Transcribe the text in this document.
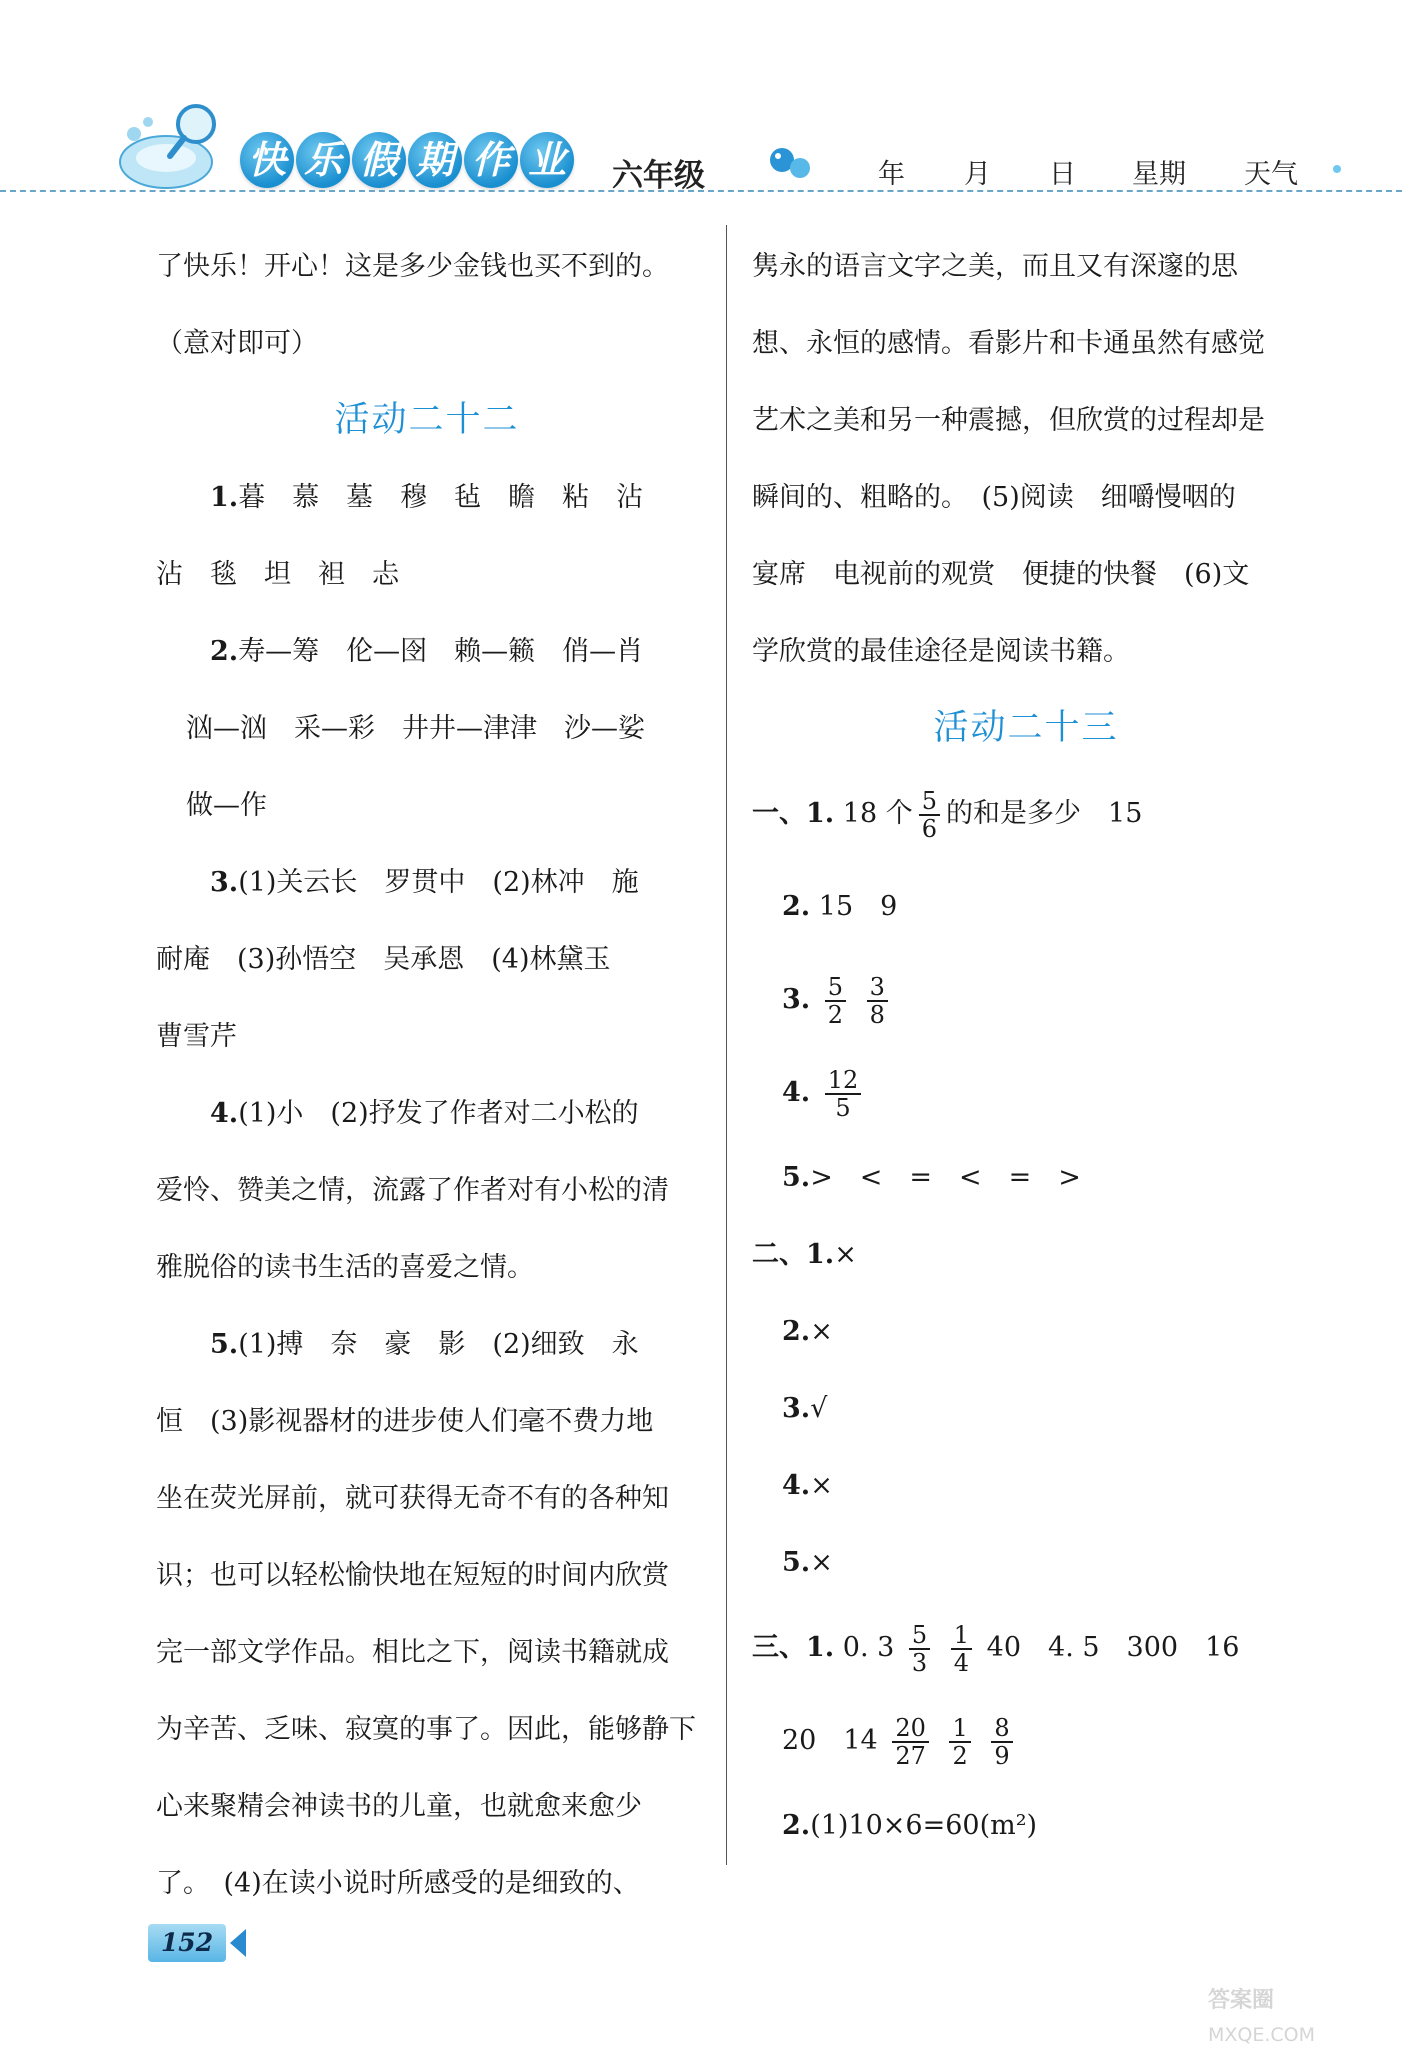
快 乐 假 期 作 业 六年级	年 月 日 星期 天气
了快乐！开心！这是多少金钱也买不到的。
（意对即可）
活动二十二
1.暮　慕　墓　穆　毡　瞻　粘　沾
沾　毯　坦　袒　忐
2.寿—筹　伦—囹　赖—籁　俏—肖
汹—汹　采—彩　井井—津津　沙—娑
做—作
3.(1)关云长　罗贯中　(2)林冲　施
耐庵　(3)孙悟空　吴承恩　(4)林黛玉
曹雪芹
4.(1)小　(2)抒发了作者对二小松的
爱怜、赞美之情，流露了作者对有小松的清
雅脱俗的读书生活的喜爱之情。
5.(1)搏　奈　豪　影　(2)细致　永
恒　(3)影视器材的进步使人们毫不费力地
坐在荧光屏前，就可获得无奇不有的各种知
识；也可以轻松愉快地在短短的时间内欣赏
完一部文学作品。相比之下，阅读书籍就成
为辛苦、乏味、寂寞的事了。因此，能够静下
心来聚精会神读书的儿童，也就愈来愈少
了。　(4)在读小说时所感受的是细致的、
隽永的语言文字之美，而且又有深邃的思
想、永恒的感情。看影片和卡通虽然有感觉
艺术之美和另一种震撼，但欣赏的过程却是
瞬间的、粗略的。　(5)阅读　细嚼慢咽的
宴席　电视前的观赏　便捷的快餐　(6)文
学欣赏的最佳途径是阅读书籍。
活动二十三
一、1. 18 个 $\frac{5}{6}$ 的和是多少　15
2. 15　9
3. $\frac{5}{2}$
$\frac{3}{8}$
4. $\frac{12}{5}$
5.>　<　=　<　=　>
二、1.×
2.×
3.√
4.×
5.×
三、1. 0. $3 \frac{5}{3}$
$\frac{1}{4} 40$　4. 5　300　16
20　$14 \frac{20}{27}$
$\frac{1}{2}$
$\frac{8}{9}$
2.(1)10×6=60(m²)
152
答案圈
MXQE.COM
